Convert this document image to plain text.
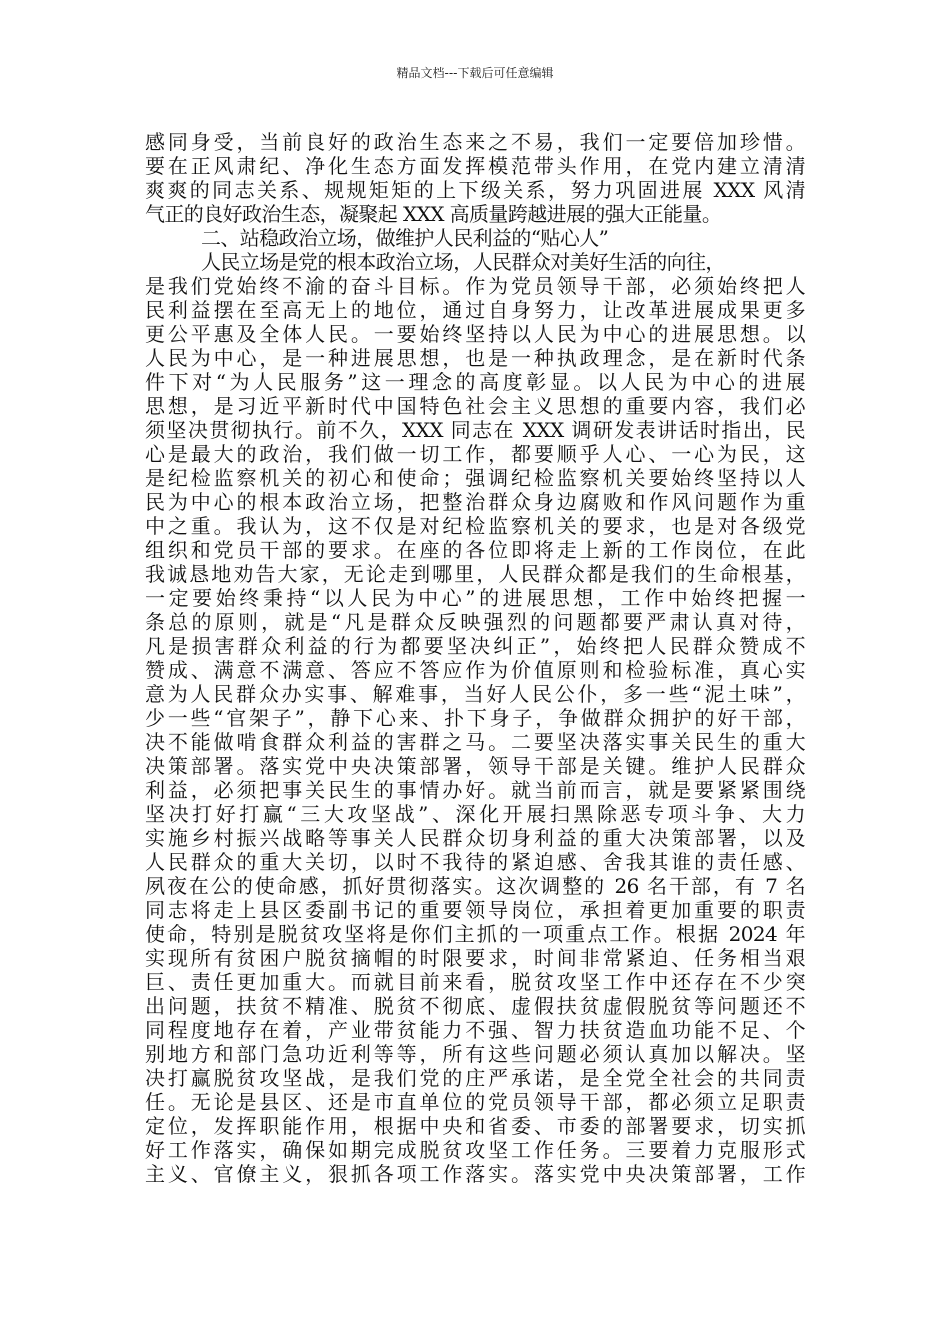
精品文档---下载后可任意编辑
感同身受，当前良好的政治生态来之不易，我们一定要倍加珍惜。
要在正风肃纪、净化生态方面发挥模范带头作用，在党内建立清清
爽爽的同志关系、规规矩矩的上下级关系，努力巩固进展 XXX 风清
气正的良好政治生态，凝聚起 XXX 高质量跨越进展的强大正能量。
二、站稳政治立场，做维护人民利益的“贴心人”
人民立场是党的根本政治立场，人民群众对美好生活的向往，
是我们党始终不渝的奋斗目标。作为党员领导干部，必须始终把人
民利益摆在至高无上的地位，通过自身努力，让改革进展成果更多
更公平惠及全体人民。一要始终坚持以人民为中心的进展思想。以
人民为中心，是一种进展思想，也是一种执政理念，是在新时代条
件下对“为人民服务”这一理念的高度彰显。以人民为中心的进展
思想，是习近平新时代中国特色社会主义思想的重要内容，我们必
须坚决贯彻执行。前不久，XXX 同志在 XXX 调研发表讲话时指出，民
心是最大的政治，我们做一切工作，都要顺乎人心、一心为民，这
是纪检监察机关的初心和使命；强调纪检监察机关要始终坚持以人
民为中心的根本政治立场，把整治群众身边腐败和作风问题作为重
中之重。我认为，这不仅是对纪检监察机关的要求，也是对各级党
组织和党员干部的要求。在座的各位即将走上新的工作岗位，在此
我诚恳地劝告大家，无论走到哪里，人民群众都是我们的生命根基，
一定要始终秉持“以人民为中心”的进展思想，工作中始终把握一
条总的原则，就是“凡是群众反映强烈的问题都要严肃认真对待，
凡是损害群众利益的行为都要坚决纠正”，始终把人民群众赞成不
赞成、满意不满意、答应不答应作为价值原则和检验标准，真心实
意为人民群众办实事、解难事，当好人民公仆，多一些“泥土味”，
少一些“官架子”，静下心来、扑下身子，争做群众拥护的好干部，
决不能做啃食群众利益的害群之马。二要坚决落实事关民生的重大
决策部署。落实党中央决策部署，领导干部是关键。维护人民群众
利益，必须把事关民生的事情办好。就当前而言，就是要紧紧围绕
坚决打好打赢“三大攻坚战”、深化开展扫黑除恶专项斗争、大力
实施乡村振兴战略等事关人民群众切身利益的重大决策部署，以及
人民群众的重大关切，以时不我待的紧迫感、舍我其谁的责任感、
夙夜在公的使命感，抓好贯彻落实。这次调整的 26 名干部，有 7 名
同志将走上县区委副书记的重要领导岗位，承担着更加重要的职责
使命，特别是脱贫攻坚将是你们主抓的一项重点工作。根据 2024 年
实现所有贫困户脱贫摘帽的时限要求，时间非常紧迫、任务相当艰
巨、责任更加重大。而就目前来看，脱贫攻坚工作中还存在不少突
出问题，扶贫不精准、脱贫不彻底、虚假扶贫虚假脱贫等问题还不
同程度地存在着，产业带贫能力不强、智力扶贫造血功能不足、个
别地方和部门急功近利等等，所有这些问题必须认真加以解决。坚
决打赢脱贫攻坚战，是我们党的庄严承诺，是全党全社会的共同责
任。无论是县区、还是市直单位的党员领导干部，都必须立足职责
定位，发挥职能作用，根据中央和省委、市委的部署要求，切实抓
好工作落实，确保如期完成脱贫攻坚工作任务。三要着力克服形式
主义、官僚主义，狠抓各项工作落实。落实党中央决策部署，工作
